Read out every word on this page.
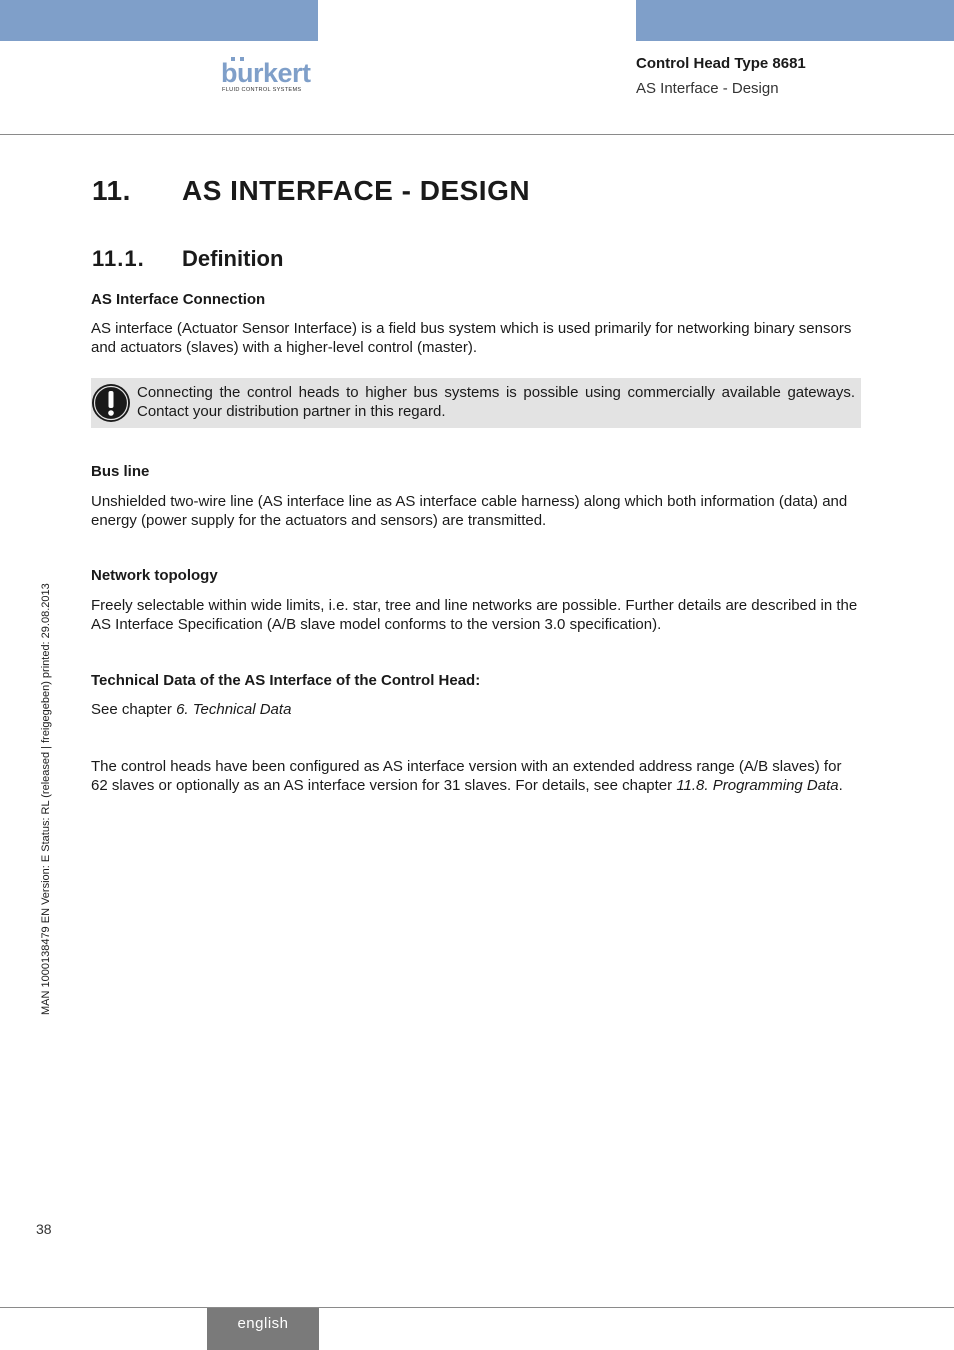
burkert
FLUID CONTROL SYSTEMS
Control Head Type 8681
AS Interface - Design
11. AS INTERFACE - DESIGN
11.1. Definition
AS Interface Connection
AS interface (Actuator Sensor Interface) is a field bus system which is used primarily for networking binary sensors and actuators (slaves) with a higher-level control (master).
Connecting the control heads to higher bus systems is possible using commercially available gateways. Contact your distribution partner in this regard.
Bus line
Unshielded two-wire line (AS interface line as AS interface cable harness) along which both information (data) and energy (power supply for the actuators and sensors) are transmitted.
Network topology
Freely selectable within wide limits, i.e. star, tree and line networks are possible. Further details are described in the AS Interface Specification (A/B slave model conforms to the version 3.0 specification).
Technical Data of the AS Interface of the Control Head:
See chapter 6. Technical Data
The control heads have been configured as AS interface version with an extended address range (A/B slaves) for 62 slaves or optionally as an AS interface version for 31 slaves. For details, see chapter 11.8. Programming Data.
MAN 1000138479 EN Version: E Status: RL (released | freigegeben) printed: 29.08.2013
38
english
